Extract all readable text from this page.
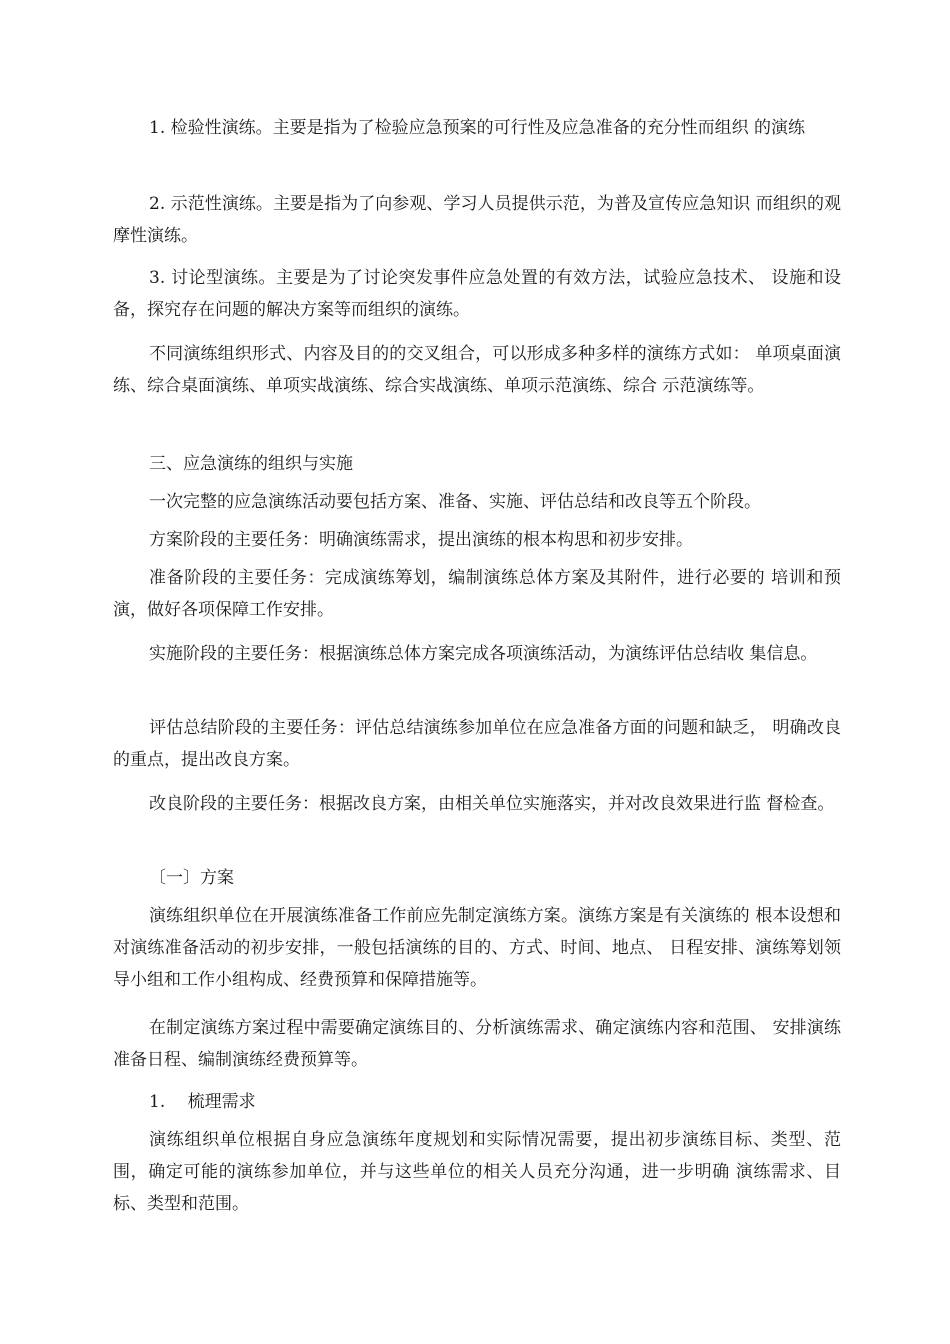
1. 检验性演练。主要是指为了检验应急预案的可行性及应急准备的充分性而组织 的演练

2. 示范性演练。主要是指为了向参观、学习人员提供示范，为普及宣传应急知识 而组织的观摩性演练。

3. 讨论型演练。主要是为了讨论突发事件应急处置的有效方法，试验应急技术、 设施和设备，探究存在问题的解决方案等而组织的演练。

不同演练组织形式、内容及目的的交叉组合，可以形成多种多样的演练方式如： 单项桌面演练、综合桌面演练、单项实战演练、综合实战演练、单项示范演练、综合 示范演练等。

三、应急演练的组织与实施

一次完整的应急演练活动要包括方案、准备、实施、评估总结和改良等五个阶段。

方案阶段的主要任务：明确演练需求，提出演练的根本构思和初步安排。

准备阶段的主要任务：完成演练筹划，编制演练总体方案及其附件，进行必要的 培训和预演，做好各项保障工作安排。

实施阶段的主要任务：根据演练总体方案完成各项演练活动，为演练评估总结收 集信息。

评估总结阶段的主要任务：评估总结演练参加单位在应急准备方面的问题和缺乏， 明确改良的重点，提出改良方案。

改良阶段的主要任务：根据改良方案，由相关单位实施落实，并对改良效果进行监 督检查。

〔一〕方案

演练组织单位在开展演练准备工作前应先制定演练方案。演练方案是有关演练的 根本设想和对演练准备活动的初步安排，一般包括演练的目的、方式、时间、地点、 日程安排、演练筹划领导小组和工作小组构成、经费预算和保障措施等。

在制定演练方案过程中需要确定演练目的、分析演练需求、确定演练内容和范围、 安排演练准备日程、编制演练经费预算等。

1.　 梳理需求

演练组织单位根据自身应急演练年度规划和实际情况需要，提出初步演练目标、类型、范围，确定可能的演练参加单位，并与这些单位的相关人员充分沟通，进一步明确 演练需求、目标、类型和范围。
